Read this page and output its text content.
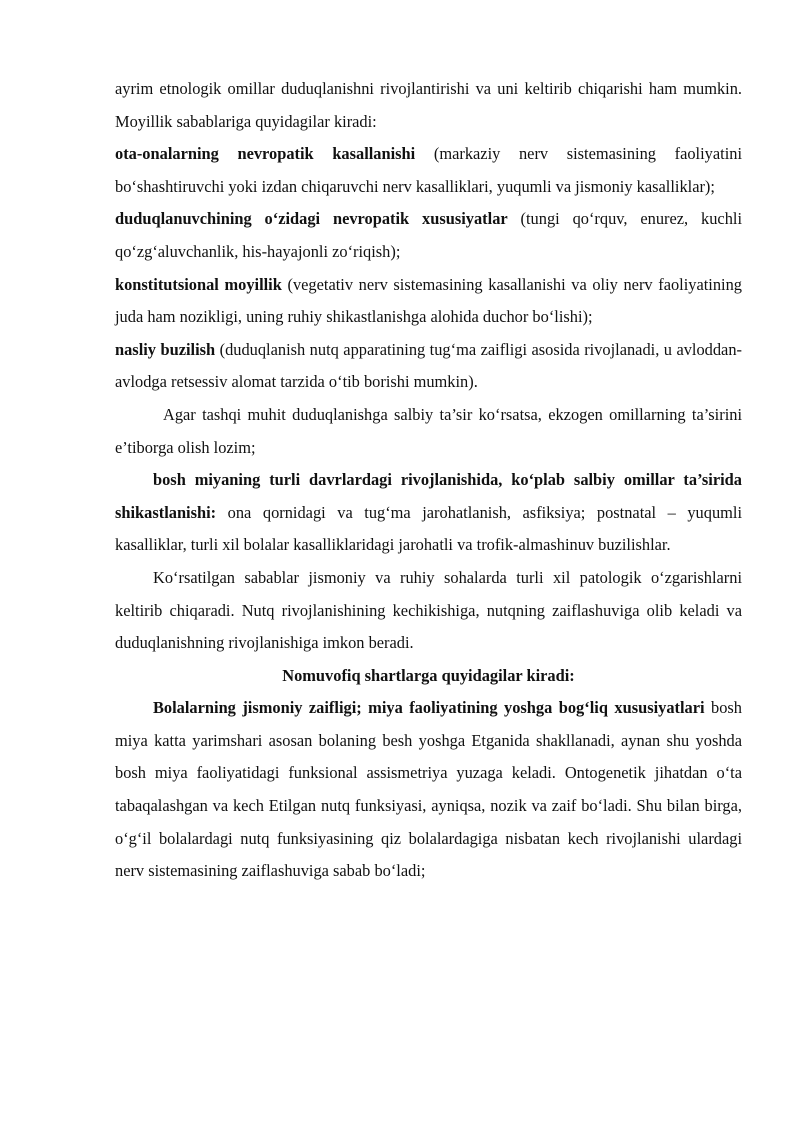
ayrim etnologik omillar duduqlanishni rivojlantirishi va uni keltirib chiqarishi ham mumkin. Moyillik sabablariga quyidagilar kiradi:

ota-onalarning nevropatik kasallanishi (markaziy nerv sistemasining faoliyatini bo‘shashtiruvchi yoki izdan chiqaruvchi nerv kasalliklari, yuqumli va jismoniy kasalliklar);

duduqlanuvchining o‘zidagi nevropatik xususiyatlar (tungi qo‘rquv, enurez, kuchli qo‘zg‘aluvchanlik, his-hayajonli zo‘riqish);

konstitutsional moyillik (vegetativ nerv sistemasining kasallanishi va oliy nerv faoliyatining juda ham nozikligi, uning ruhiy shikastlanishga alohida duchor bo‘lishi);

nasliy buzilish (duduqlanish nutq apparatining tug‘ma zaifligi asosida rivojlanadi, u avloddan-avlodga retsessiv alomat tarzida o‘tib borishi mumkin).

Agar tashqi muhit duduqlanishga salbiy ta’sir ko‘rsatsa, ekzogen omillarning ta’sirini e’tiborga olish lozim;

bosh miyaning turli davrlardagi rivojlanishida, ko‘plab salbiy omillar ta’sirida shikastlanishi: ona qornidagi va tug‘ma jarohatlanish, asfiksiya; postnatal – yuqumli kasalliklar, turli xil bolalar kasalliklaridagi jarohatli va trofik-almashinuv buzilishlar.

Ko‘rsatilgan sabablar jismoniy va ruhiy sohalarda turli xil patologik o‘zgarishlarni keltirib chiqaradi. Nutq rivojlanishining kechikishiga, nutqning zaiflashuviga olib keladi va duduqlanishning rivojlanishiga imkon beradi.

Nomuvofiq shartlarga quyidagilar kiradi:

Bolalarning jismoniy zaifligi; miya faoliyatining yoshga bog‘liq xususiyatlari bosh miya katta yarimshari asosan bolaning besh yoshga Etganida shakllanadi, aynan shu yoshda bosh miya faoliyatidagi funksional assismetriya yuzaga keladi. Ontogenetik jihatdan o‘ta tabaqalashgan va kech Etilgan nutq funksiyasi, ayniqsa, nozik va zaif bo‘ladi. Shu bilan birga, o‘g‘il bolalardagi nutq funksiyasining qiz bolalardagiga nisbatan kech rivojlanishi ulardagi nerv sistemasining zaiflashuviga sabab bo‘ladi;
